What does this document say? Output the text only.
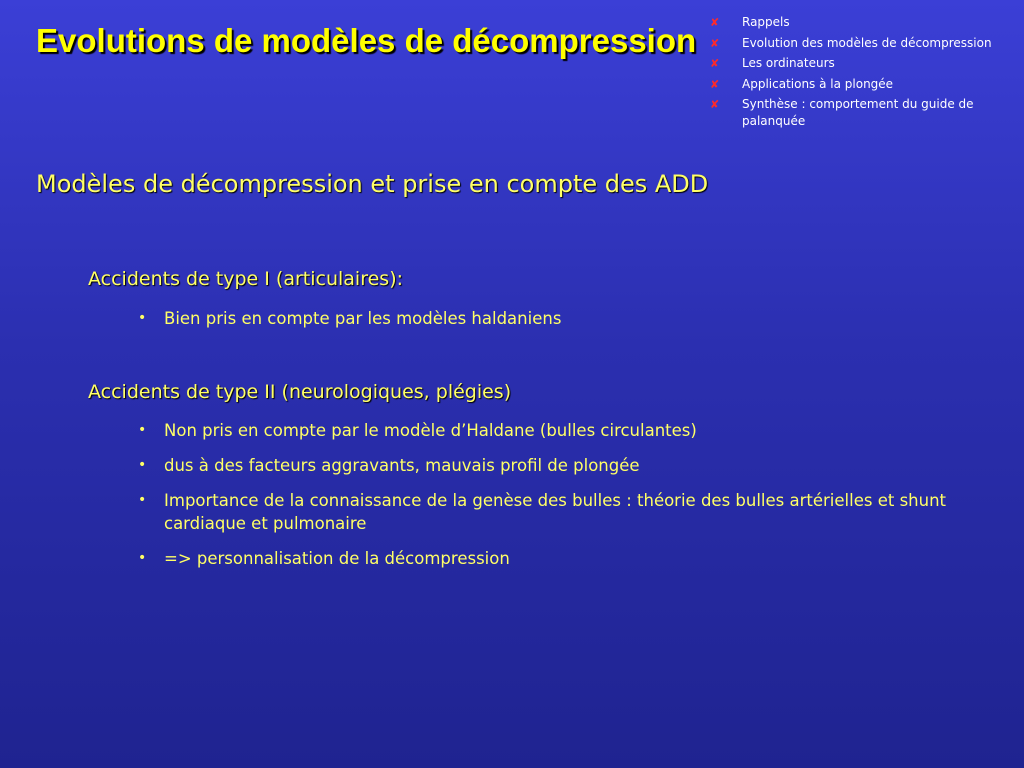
Evolutions de modèles de décompression ✘ Rappels
✘ Evolution des modèles de décompression
✘ Les ordinateurs
✘ Applications à la plongée
✘ Synthèse : comportement du guide de palanquée
Modèles de décompression et prise en compte des ADD
Accidents de type I (articulaires):
• Bien pris en compte par les modèles haldaniens
Accidents de type II (neurologiques, plégies)
• Non pris en compte par le modèle d’Haldane (bulles circulantes)
• dus à des facteurs aggravants, mauvais profil de plongée
• Importance de la connaissance de la genèse des bulles : théorie des bulles artérielles et shunt cardiaque et pulmonaire
• => personnalisation de la décompression
